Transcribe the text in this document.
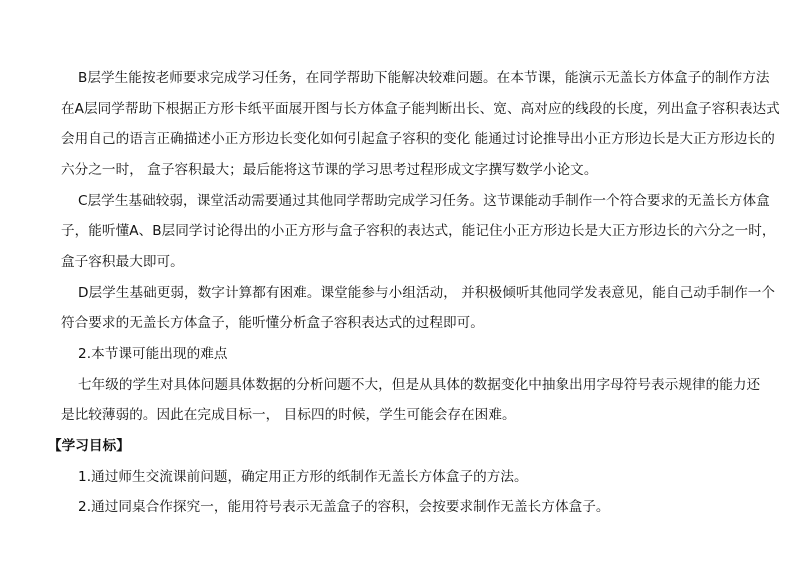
B层学生能按老师要求完成学习任务，在同学帮助下能解决较难问题。在本节课，能演示无盖长方体盒子的制作方法
在A层同学帮助下根据正方形卡纸平面展开图与长方体盒子能判断出长、宽、高对应的线段的长度，列出盒子容积表达式
会用自己的语言正确描述小正方形边长变化如何引起盒子容积的变化 能通过讨论推导出小正方形边长是大正方形边长的
六分之一时， 盒子容积最大；最后能将这节课的学习思考过程形成文字撰写数学小论文。
C层学生基础较弱，课堂活动需要通过其他同学帮助完成学习任务。这节课能动手制作一个符合要求的无盖长方体盒
子，能听懂A、B层同学讨论得出的小正方形与盒子容积的表达式，能记住小正方形边长是大正方形边长的六分之一时，
盒子容积最大即可。
D层学生基础更弱，数字计算都有困难。课堂能参与小组活动， 并积极倾听其他同学发表意见，能自己动手制作一个
符合要求的无盖长方体盒子，能听懂分析盒子容积表达式的过程即可。
2.本节课可能出现的难点
七年级的学生对具体问题具体数据的分析问题不大，但是从具体的数据变化中抽象出用字母符号表示规律的能力还
是比较薄弱的。因此在完成目标一， 目标四的时候，学生可能会存在困难。
【学习目标】
1.通过师生交流课前问题，确定用正方形的纸制作无盖长方体盒子的方法。
2.通过同桌合作探究一，能用符号表示无盖盒子的容积，会按要求制作无盖长方体盒子。
